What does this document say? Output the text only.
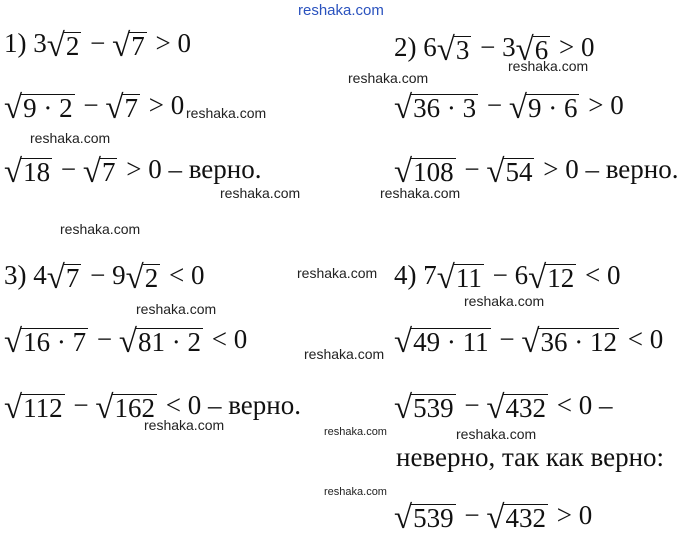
reshaka.com
1) 3 √ 2 − √ 7 > 0
√ 9 · 2 − √ 7 > 0
√ 18 − √ 7 > 0 – верно.
2) 6 √ 3 − 3 √ 6 > 0
√ 36 · 3 − √ 9 · 6 > 0
√ 108 − √ 54 > 0 – верно.
3) 4 √ 7 − 9 √ 2 < 0
√ 16 · 7 − √ 81 · 2 < 0
√ 112 − √ 162 < 0 – верно.
4) 7 √ 11 − 6 √ 12 < 0
√ 49 · 11 − √ 36 · 12 < 0
√ 539 − √ 432 < 0 –
неверно, так как верно:
√ 539 − √ 432 > 0
reshaka.com
reshaka.com
reshaka.com
reshaka.com
reshaka.com	reshaka.com
reshaka.com
reshaka.com
reshaka.com
reshaka.com
reshaka.com
reshaka.com	reshaka.com	reshaka.com
reshaka.com
